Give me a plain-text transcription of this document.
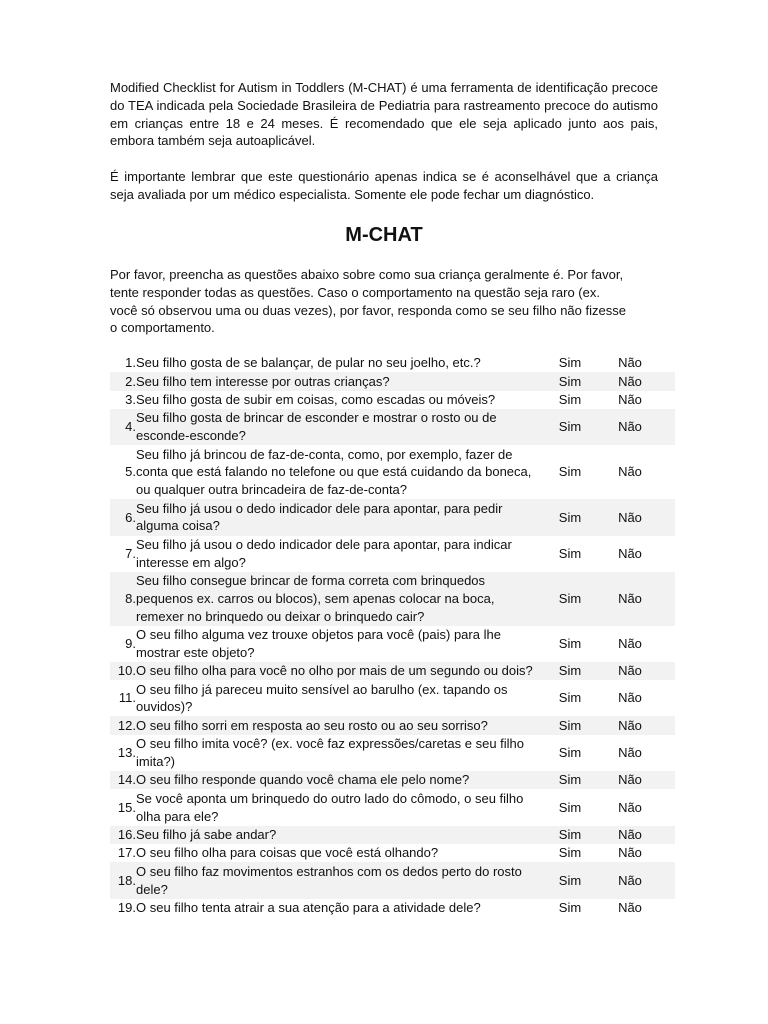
Modified Checklist for Autism in Toddlers (M-CHAT) é uma ferramenta de identificação precoce do TEA indicada pela Sociedade Brasileira de Pediatria para rastreamento precoce do autismo em crianças entre 18 e 24 meses. É recomendado que ele seja aplicado junto aos pais, embora também seja autoaplicável.

É importante lembrar que este questionário apenas indica se é aconselhável que a criança seja avaliada por um médico especialista. Somente ele pode fechar um diagnóstico.

M-CHAT

Por favor, preencha as questões abaixo sobre como sua criança geralmente é. Por favor, tente responder todas as questões. Caso o comportamento na questão seja raro (ex. você só observou uma ou duas vezes), por favor, responda como se seu filho não fizesse o comportamento.

1. Seu filho gosta de se balançar, de pular no seu joelho, etc.?	Sim	Não
2. Seu filho tem interesse por outras crianças?	Sim	Não
3. Seu filho gosta de subir em coisas, como escadas ou móveis?	Sim	Não
4.
Seu filho gosta de brincar de esconder e mostrar o rosto ou de esconde-esconde?
Sim	Não
5.
Seu filho já brincou de faz-de-conta, como, por exemplo, fazer de conta que está falando no telefone ou que está cuidando da boneca, ou qualquer outra brincadeira de faz-de-conta?
Sim	Não
6.
Seu filho já usou o dedo indicador dele para apontar, para pedir alguma coisa?
Sim	Não
7.
Seu filho já usou o dedo indicador dele para apontar, para indicar interesse em algo?
Sim	Não
8.
Seu filho consegue brincar de forma correta com brinquedos pequenos ex. carros ou blocos), sem apenas colocar na boca, remexer no brinquedo ou deixar o brinquedo cair?
Sim	Não
9.
O seu filho alguma vez trouxe objetos para você (pais) para lhe mostrar este objeto?
Sim	Não
10. O seu filho olha para você no olho por mais de um segundo ou dois?	Sim	Não
11.
O seu filho já pareceu muito sensível ao barulho (ex. tapando os ouvidos)?
Sim	Não
12. O seu filho sorri em resposta ao seu rosto ou ao seu sorriso?	Sim	Não
13.
O seu filho imita você? (ex. você faz expressões/caretas e seu filho imita?)
Sim	Não
14. O seu filho responde quando você chama ele pelo nome?	Sim	Não
15.
Se você aponta um brinquedo do outro lado do cômodo, o seu filho olha para ele?
Sim	Não
16. Seu filho já sabe andar?	Sim	Não
17. O seu filho olha para coisas que você está olhando?	Sim	Não
18.
O seu filho faz movimentos estranhos com os dedos perto do rosto dele?
Sim	Não
19. O seu filho tenta atrair a sua atenção para a atividade dele?	Sim	Não
